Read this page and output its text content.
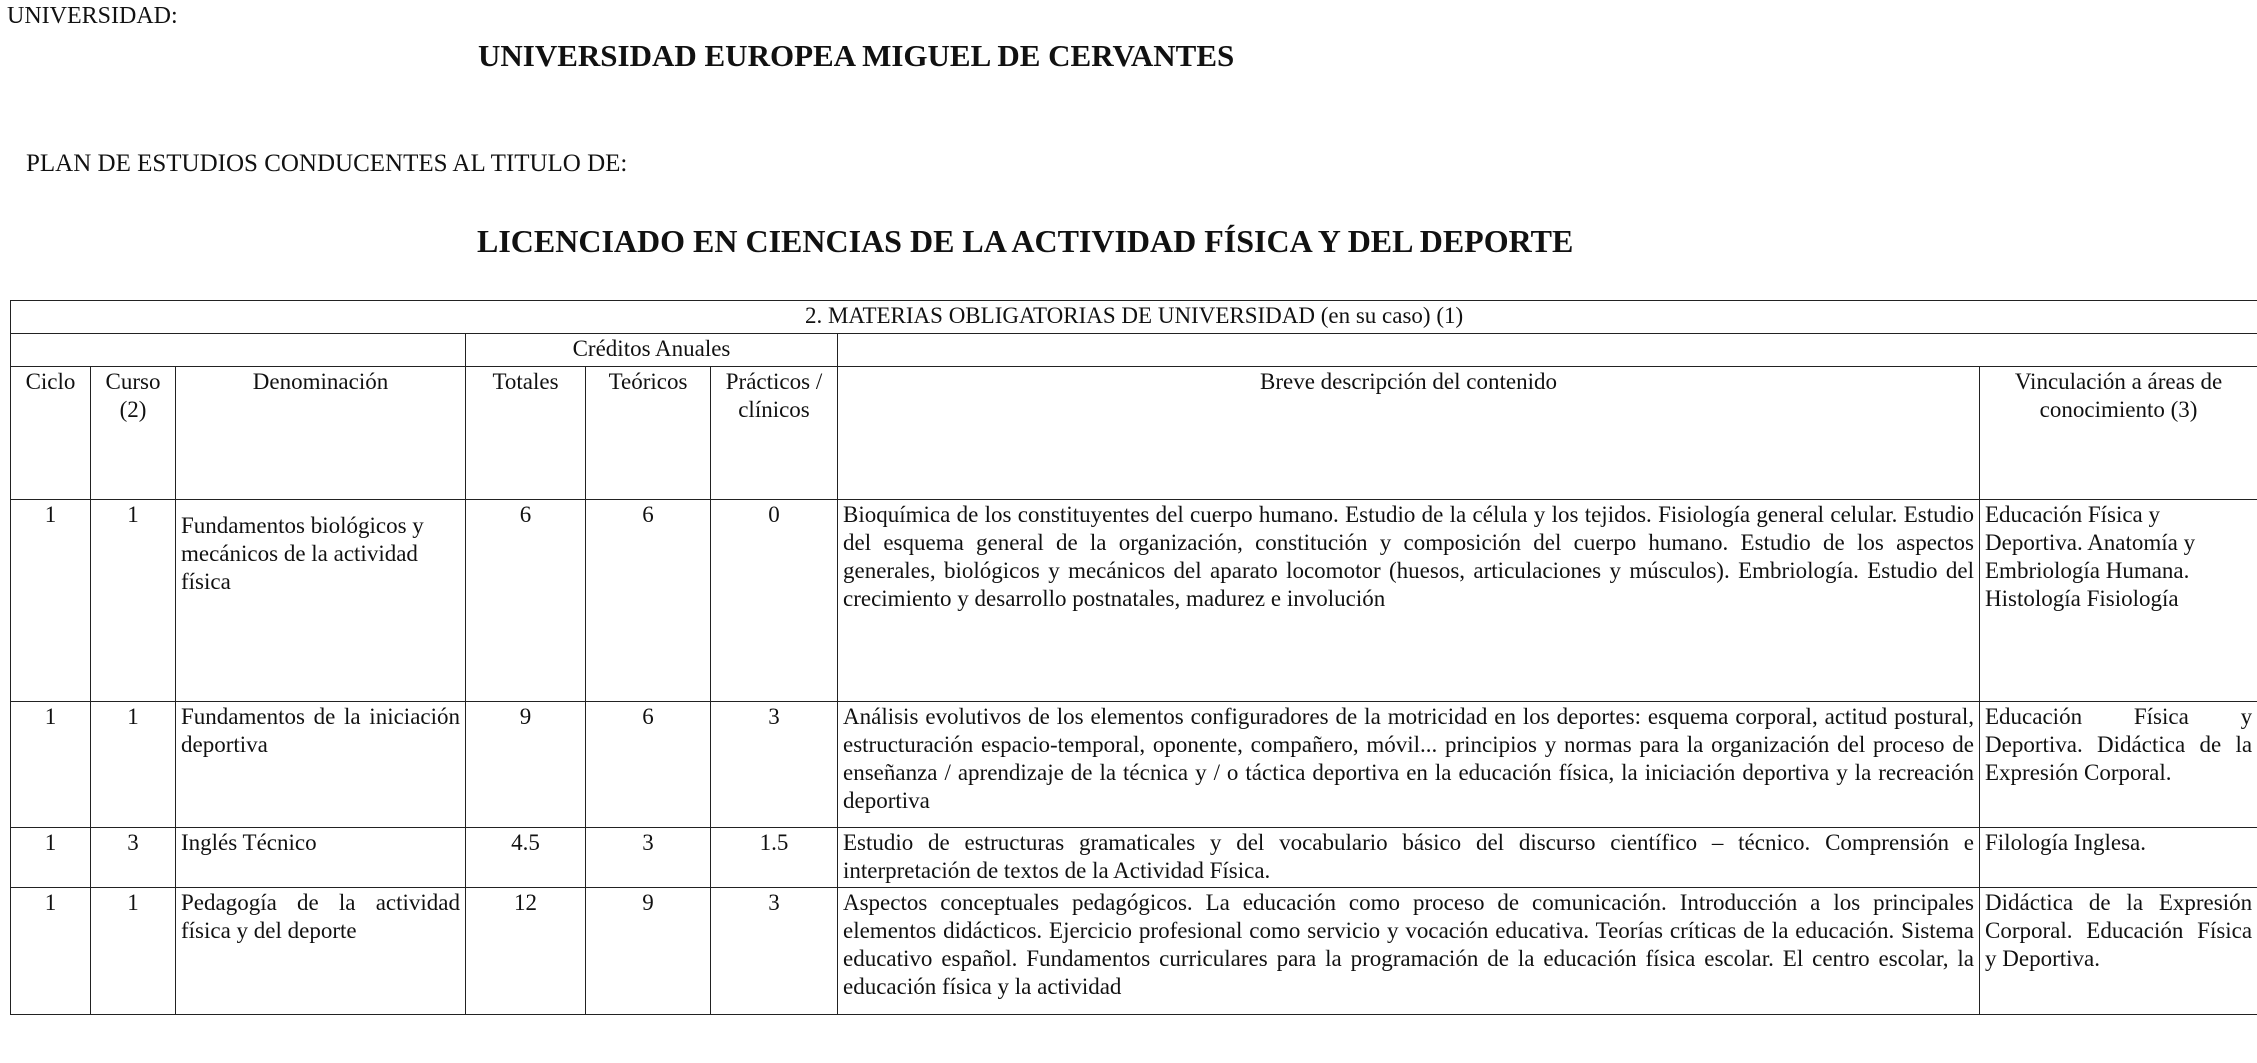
UNIVERSIDAD:
UNIVERSIDAD EUROPEA MIGUEL DE CERVANTES
PLAN DE ESTUDIOS CONDUCENTES AL TITULO DE:
LICENCIADO EN CIENCIAS DE LA ACTIVIDAD FÍSICA Y DEL DEPORTE
2. MATERIAS OBLIGATORIAS DE UNIVERSIDAD (en su caso) (1)							
			Créditos Anuales				
Ciclo	Curso (2)	Denominación	Totales	Teóricos	Prácticos / clínicos	Breve descripción del contenido	Vinculación a áreas de conocimiento (3)
1	1	Fundamentos biológicos y mecánicos de la actividad física	6	6	0	Bioquímica de los constituyentes del cuerpo humano. Estudio de la célula y los tejidos. Fisiología general celular. Estudio del esquema general de la organización, constitución y composición del cuerpo humano. Estudio de los aspectos generales, biológicos y mecánicos del aparato locomotor (huesos, articulaciones y músculos). Embriología. Estudio del crecimiento y desarrollo postnatales, madurez e involución	Educación Física y Deportiva. Anatomía y Embriología Humana. Histología Fisiología
1	1	Fundamentos de la iniciación deportiva	9	6	3	Análisis evolutivos de los elementos configuradores de la motricidad en los deportes: esquema corporal, actitud postural, estructuración espacio-temporal, oponente, compañero, móvil... principios y normas para la organización del proceso de enseñanza / aprendizaje de la técnica y / o táctica deportiva en la educación física, la iniciación deportiva y la recreación deportiva	Educación Física y Deportiva. Didáctica de la Expresión Corporal.
1	3	Inglés Técnico	4.5	3	1.5	Estudio de estructuras gramaticales y del vocabulario básico del discurso científico – técnico. Comprensión e interpretación de textos de la Actividad Física.	Filología Inglesa.
1	1	Pedagogía de la actividad física y del deporte	12	9	3	Aspectos conceptuales pedagógicos. La educación como proceso de comunicación. Introducción a los principales elementos didácticos. Ejercicio profesional como servicio y vocación educativa. Teorías críticas de la educación. Sistema educativo español. Fundamentos curriculares para la programación de la educación física escolar. El centro escolar, la educación física y la actividad	Didáctica de la Expresión Corporal. Educación Física y Deportiva.
